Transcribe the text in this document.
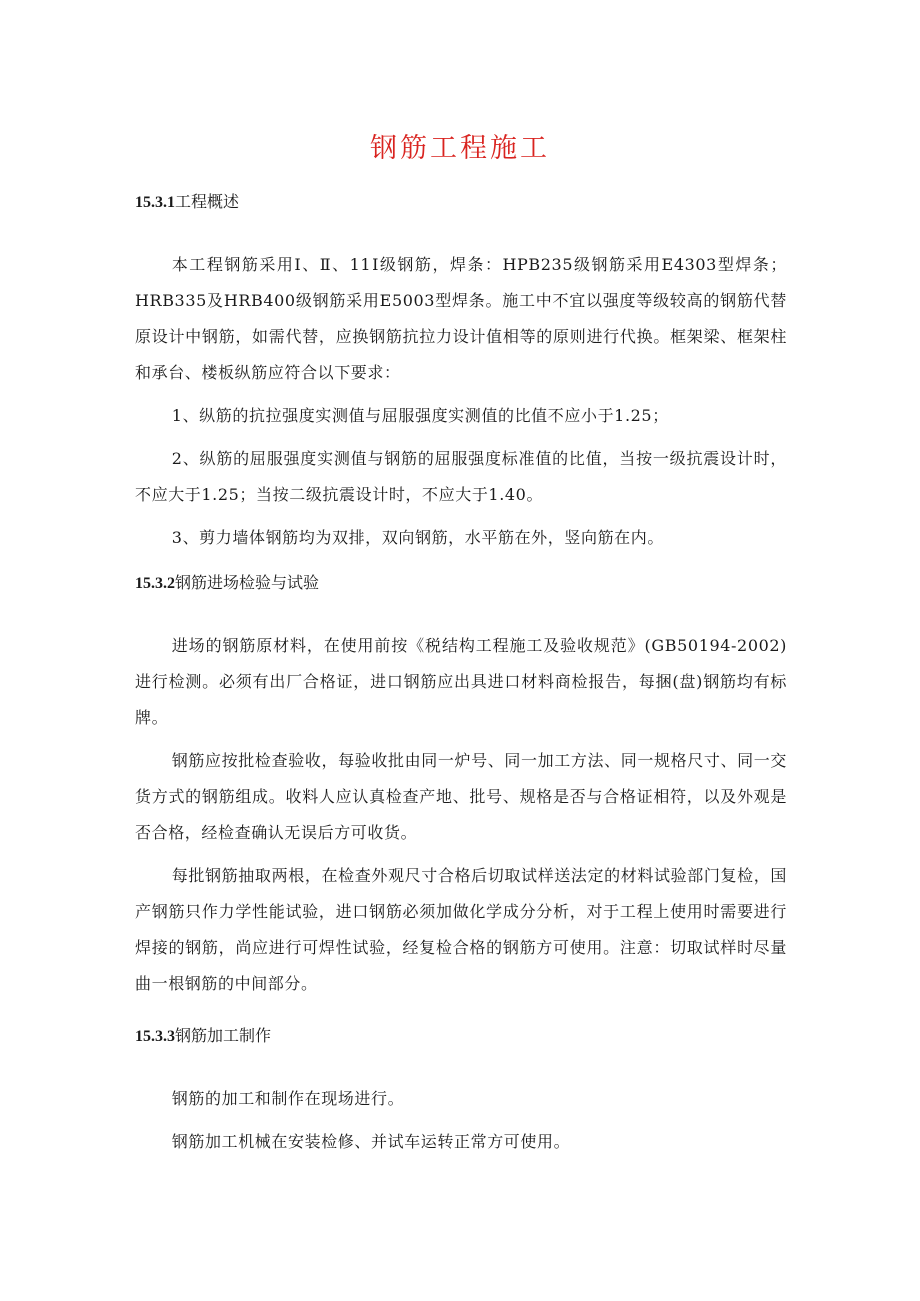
钢筋工程施工
15.3.1工程概述

本工程钢筋采用Ⅰ、Ⅱ、11Ⅰ级钢筋，焊条：HPB235级钢筋采用E4303型焊条；HRB335及HRB400级钢筋采用E5003型焊条。施工中不宜以强度等级较高的钢筋代替原设计中钢筋，如需代替，应换钢筋抗拉力设计值相等的原则进行代换。框架梁、框架柱和承台、楼板纵筋应符合以下要求：

1、纵筋的抗拉强度实测值与屈服强度实测值的比值不应小于1.25；

2、纵筋的屈服强度实测值与钢筋的屈服强度标准值的比值，当按一级抗震设计时，不应大于1.25；当按二级抗震设计时，不应大于1.40。

3、剪力墙体钢筋均为双排，双向钢筋，水平筋在外，竖向筋在内。

15.3.2钢筋进场检验与试验

进场的钢筋原材料，在使用前按《税结构工程施工及验收规范》(GB50194-2002)进行检测。必须有出厂合格证，进口钢筋应出具进口材料商检报告，每捆(盘)钢筋均有标牌。

钢筋应按批检查验收，每验收批由同一炉号、同一加工方法、同一规格尺寸、同一交货方式的钢筋组成。收料人应认真检查产地、批号、规格是否与合格证相符，以及外观是否合格，经检查确认无误后方可收货。

每批钢筋抽取两根，在检查外观尺寸合格后切取试样送法定的材料试验部门复检，国产钢筋只作力学性能试验，进口钢筋必须加做化学成分分析，对于工程上使用时需要进行焊接的钢筋，尚应进行可焊性试验，经复检合格的钢筋方可使用。注意：切取试样时尽量曲一根钢筋的中间部分。

15.3.3钢筋加工制作

钢筋的加工和制作在现场进行。

钢筋加工机械在安装检修、并试车运转正常方可使用。
